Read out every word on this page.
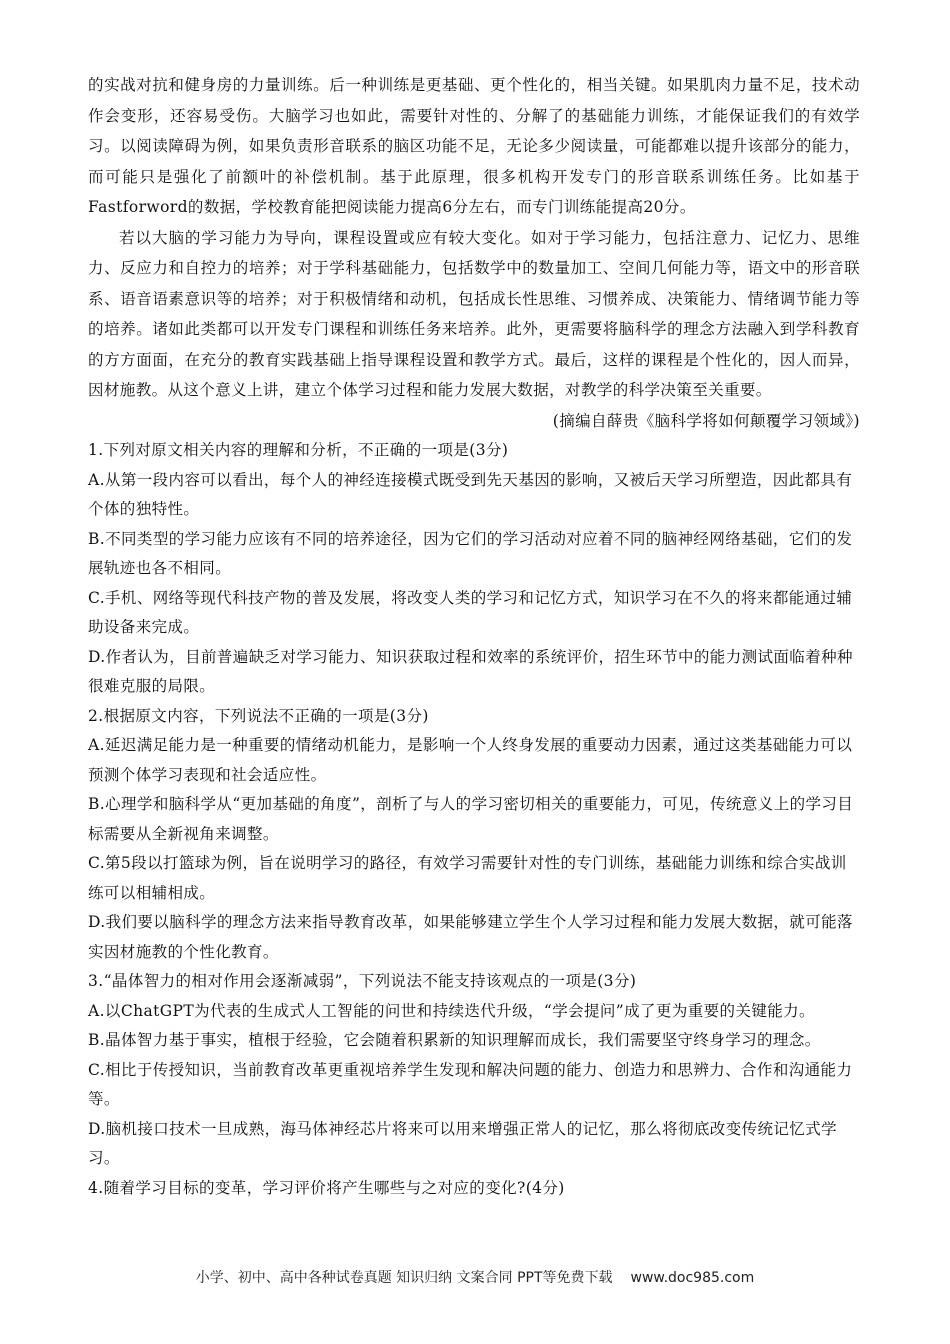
的实战对抗和健身房的力量训练。后一种训练是更基础、更个性化的，相当关键。如果肌肉力量不足，技术动作会变形，还容易受伤。大脑学习也如此，需要针对性的、分解了的基础能力训练，才能保证我们的有效学习。以阅读障碍为例，如果负责形音联系的脑区功能不足，无论多少阅读量，可能都难以提升该部分的能力，而可能只是强化了前额叶的补偿机制。基于此原理，很多机构开发专门的形音联系训练任务。比如基于Fastforword的数据，学校教育能把阅读能力提高6分左右，而专门训练能提高20分。

若以大脑的学习能力为导向，课程设置或应有较大变化。如对于学习能力，包括注意力、记忆力、思维力、反应力和自控力的培养；对于学科基础能力，包括数学中的数量加工、空间几何能力等，语文中的形音联系、语音语素意识等的培养；对于积极情绪和动机，包括成长性思维、习惯养成、决策能力、情绪调节能力等的培养。诸如此类都可以开发专门课程和训练任务来培养。此外，更需要将脑科学的理念方法融入到学科教育的方方面面，在充分的教育实践基础上指导课程设置和教学方式。最后，这样的课程是个性化的，因人而异，因材施教。从这个意义上讲，建立个体学习过程和能力发展大数据，对教学的科学决策至关重要。

(摘编自薛贵《脑科学将如何颠覆学习领域》)

1.下列对原文相关内容的理解和分析，不正确的一项是(3分)

A.从第一段内容可以看出，每个人的神经连接模式既受到先天基因的影响，又被后天学习所塑造，因此都具有个体的独特性。

B.不同类型的学习能力应该有不同的培养途径，因为它们的学习活动对应着不同的脑神经网络基础，它们的发展轨迹也各不相同。

C.手机、网络等现代科技产物的普及发展，将改变人类的学习和记忆方式，知识学习在不久的将来都能通过辅助设备来完成。

D.作者认为，目前普遍缺乏对学习能力、知识获取过程和效率的系统评价，招生环节中的能力测试面临着种种很难克服的局限。

2.根据原文内容，下列说法不正确的一项是(3分)

A.延迟满足能力是一种重要的情绪动机能力，是影响一个人终身发展的重要动力因素，通过这类基础能力可以预测个体学习表现和社会适应性。

B.心理学和脑科学从“更加基础的角度”，剖析了与人的学习密切相关的重要能力，可见，传统意义上的学习目标需要从全新视角来调整。

C.第5段以打篮球为例，旨在说明学习的路径，有效学习需要针对性的专门训练，基础能力训练和综合实战训练可以相辅相成。

D.我们要以脑科学的理念方法来指导教育改革，如果能够建立学生个人学习过程和能力发展大数据，就可能落实因材施教的个性化教育。

3.“晶体智力的相对作用会逐渐减弱”，下列说法不能支持该观点的一项是(3分)

A.以ChatGPT为代表的生成式人工智能的问世和持续迭代升级，“学会提问”成了更为重要的关键能力。

B.晶体智力基于事实，植根于经验，它会随着积累新的知识理解而成长，我们需要坚守终身学习的理念。

C.相比于传授知识，当前教育改革更重视培养学生发现和解决问题的能力、创造力和思辨力、合作和沟通能力等。

D.脑机接口技术一旦成熟，海马体神经芯片将来可以用来增强正常人的记忆，那么将彻底改变传统记忆式学习。

4.随着学习目标的变革，学习评价将产生哪些与之对应的变化?(4分)

小学、初中、高中各种试卷真题 知识归纳 文案合同 PPT等免费下载 www.doc985.com
